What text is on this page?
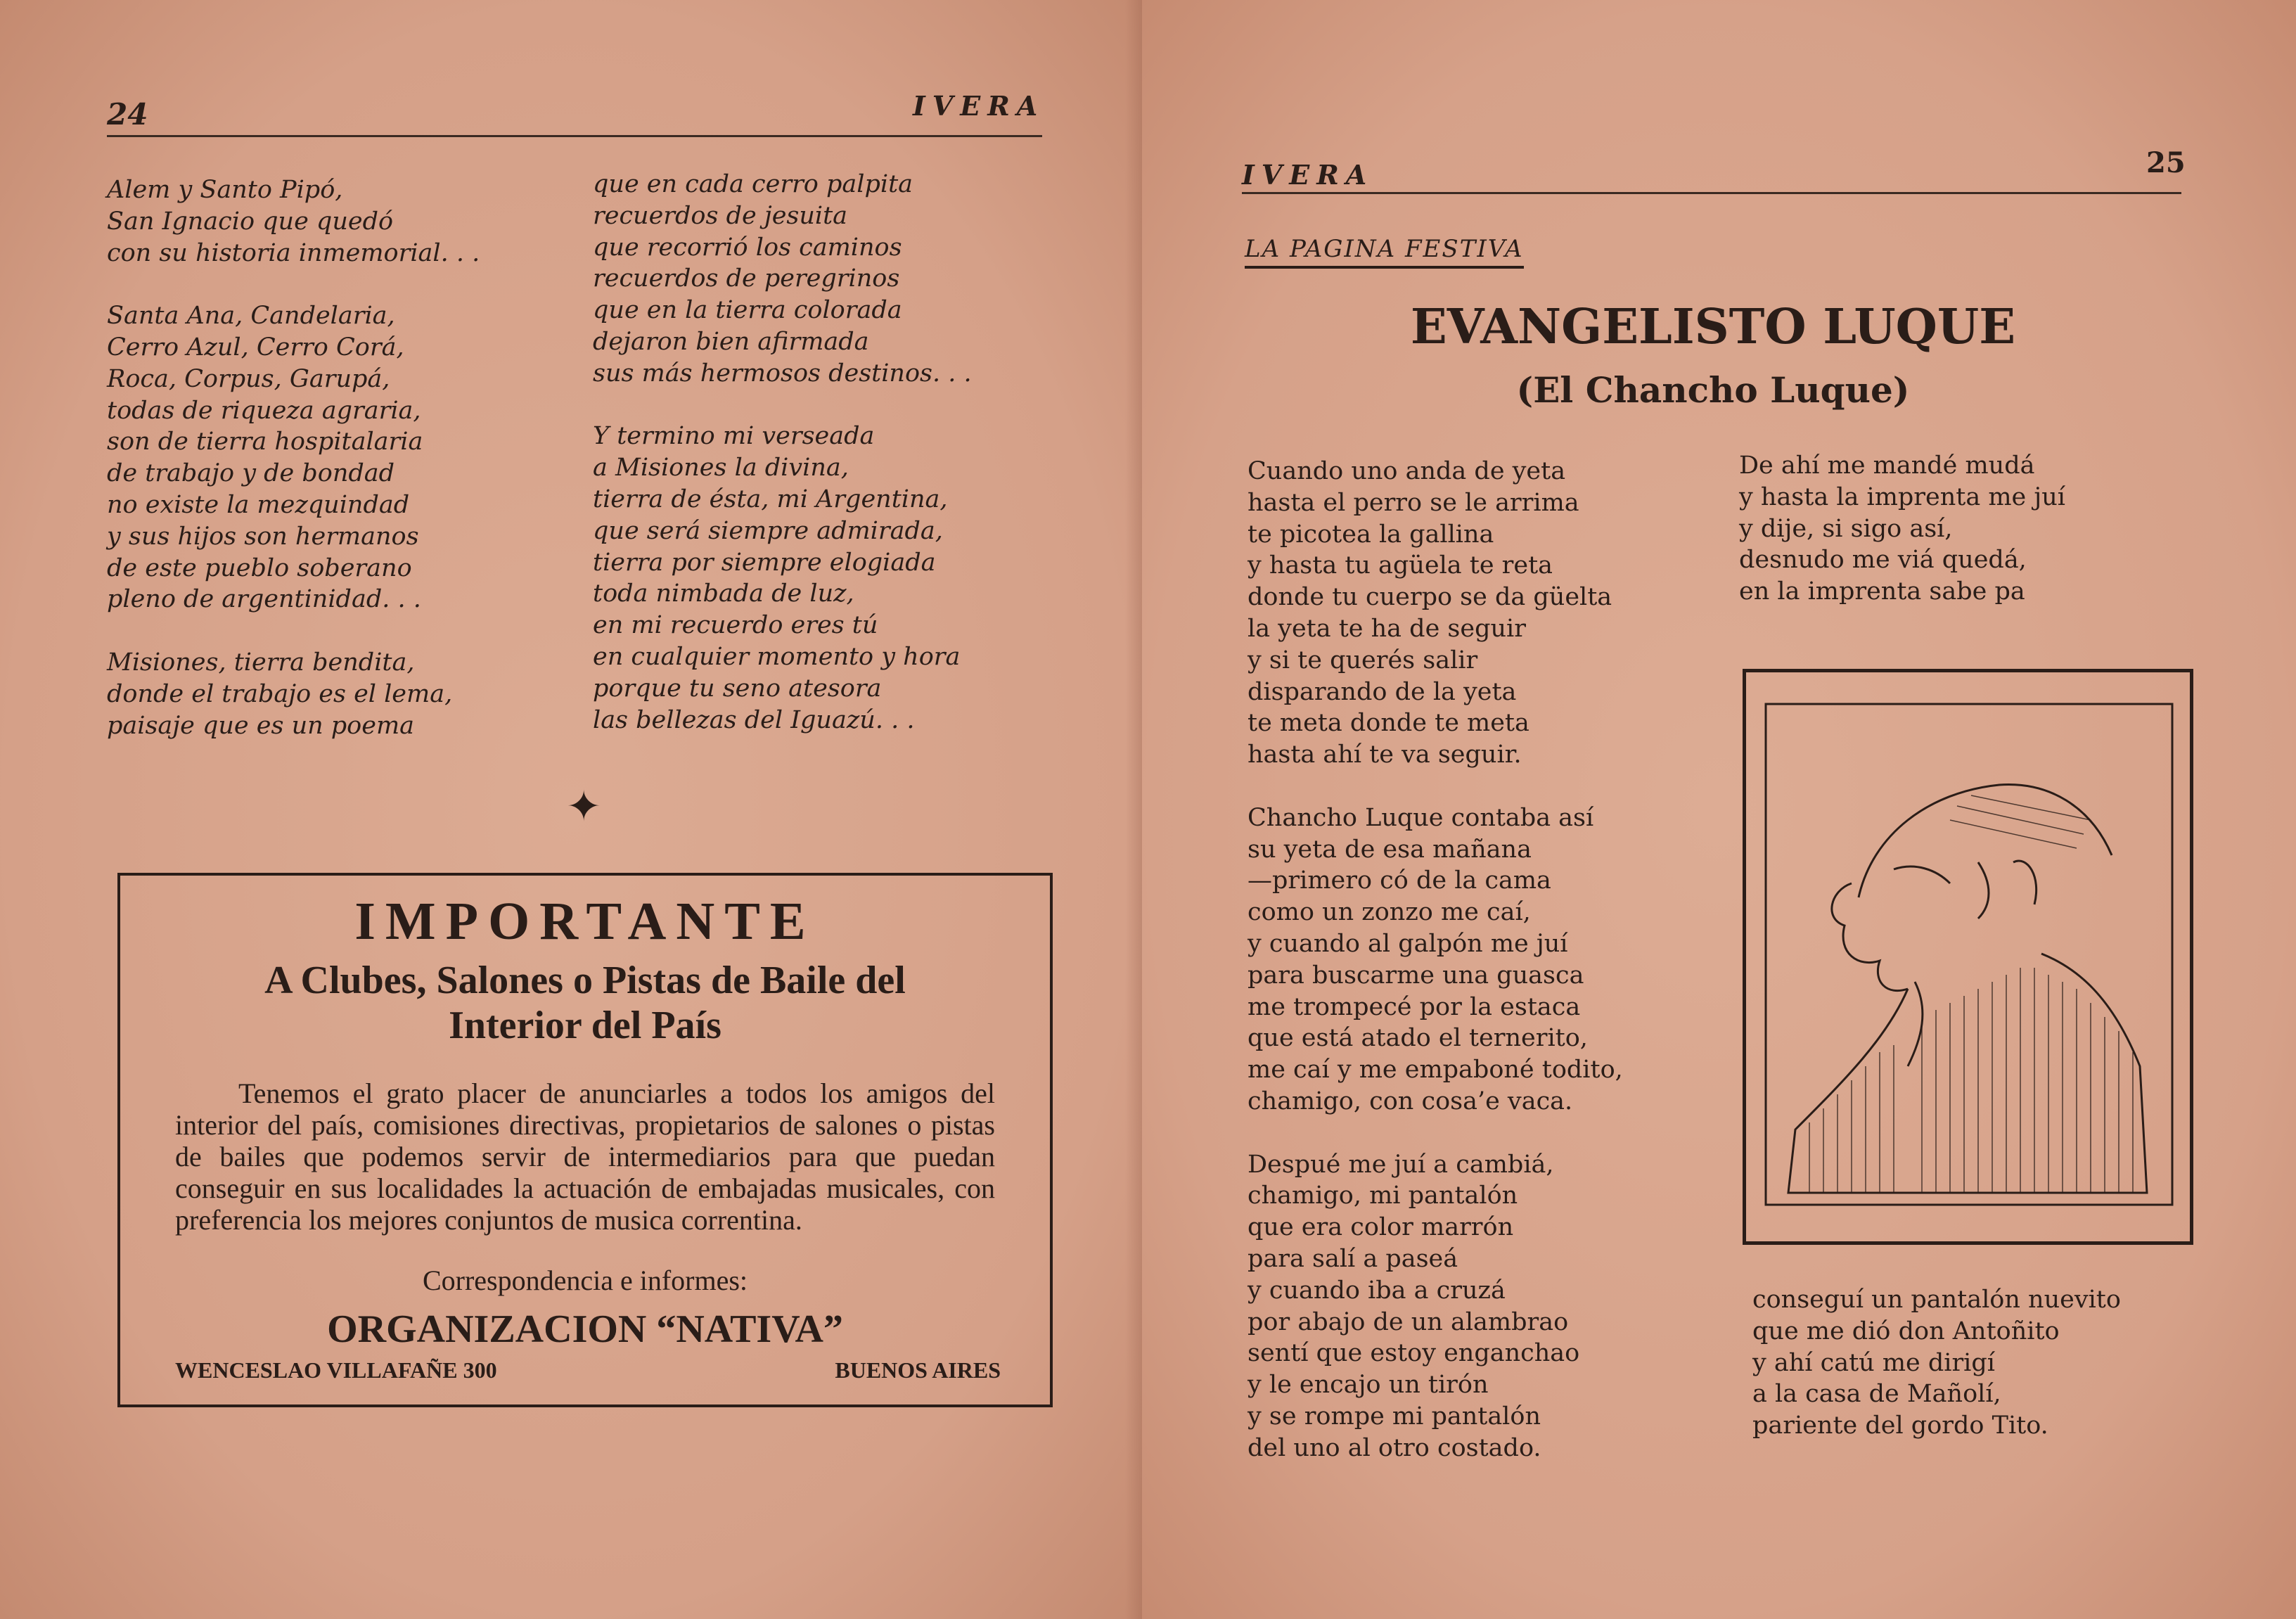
24	IVERA
Alem y Santo Pipó,
San Ignacio que quedó
con su historia inmemorial. . .
Santa Ana, Candelaria,
Cerro Azul, Cerro Corá,
Roca, Corpus, Garupá,
todas de riqueza agraria,
son de tierra hospitalaria
de trabajo y de bondad
no existe la mezquindad
y sus hijos son hermanos
de este pueblo soberano
pleno de argentinidad. . .
Misiones, tierra bendita,
donde el trabajo es el lema,
paisaje que es un poema
que en cada cerro palpita
recuerdos de jesuita
que recorrió los caminos
recuerdos de peregrinos
que en la tierra colorada
dejaron bien afirmada
sus más hermosos destinos. . .
Y termino mi verseada
a Misiones la divina,
tierra de ésta, mi Argentina,
que será siempre admirada,
tierra por siempre elogiada
toda nimbada de luz,
en mi recuerdo eres tú
en cualquier momento y hora
porque tu seno atesora
las bellezas del Iguazú. . .
✦
IMPORTANTE
A Clubes, Salones o Pistas de Baile del
Interior del País
Tenemos el grato placer de anunciarles a todos los amigos del interior del país, comisiones directivas, propietarios de salones o pistas de bailes que podemos servir de intermediarios para que puedan conseguir en sus localidades la actuación de embajadas musicales, con preferencia los mejores conjuntos de musica correntina.
Correspondencia e informes:
ORGANIZACION “NATIVA”
WENCESLAO VILLAFAÑE 300	BUENOS AIRES
IVERA	25
LA PAGINA FESTIVA
EVANGELISTO LUQUE
(El Chancho Luque)
Cuando uno anda de yeta
hasta el perro se le arrima
te picotea la gallina
y hasta tu agüela te reta
donde tu cuerpo se da güelta
la yeta te ha de seguir
y si te querés salir
disparando de la yeta
te meta donde te meta
hasta ahí te va seguir.
Chancho Luque contaba así
su yeta de esa mañana
—primero có de la cama
como un zonzo me caí,
y cuando al galpón me juí
para buscarme una guasca
me trompecé por la estaca
que está atado el ternerito,
me caí y me empaboné todito,
chamigo, con cosa’e vaca.
Despué me juí a cambiá,
chamigo, mi pantalón
que era color marrón
para salí a paseá
y cuando iba a cruzá
por abajo de un alambrao
sentí que estoy enganchao
y le encajo un tirón
y se rompe mi pantalón
del uno al otro costado.
De ahí me mandé mudá
y hasta la imprenta me juí
y dije, si sigo así,
desnudo me viá quedá,
en la imprenta sabe pa
conseguí un pantalón nuevito
que me dió don Antoñito
y ahí catú me dirigí
a la casa de Mañolí,
pariente del gordo Tito.
